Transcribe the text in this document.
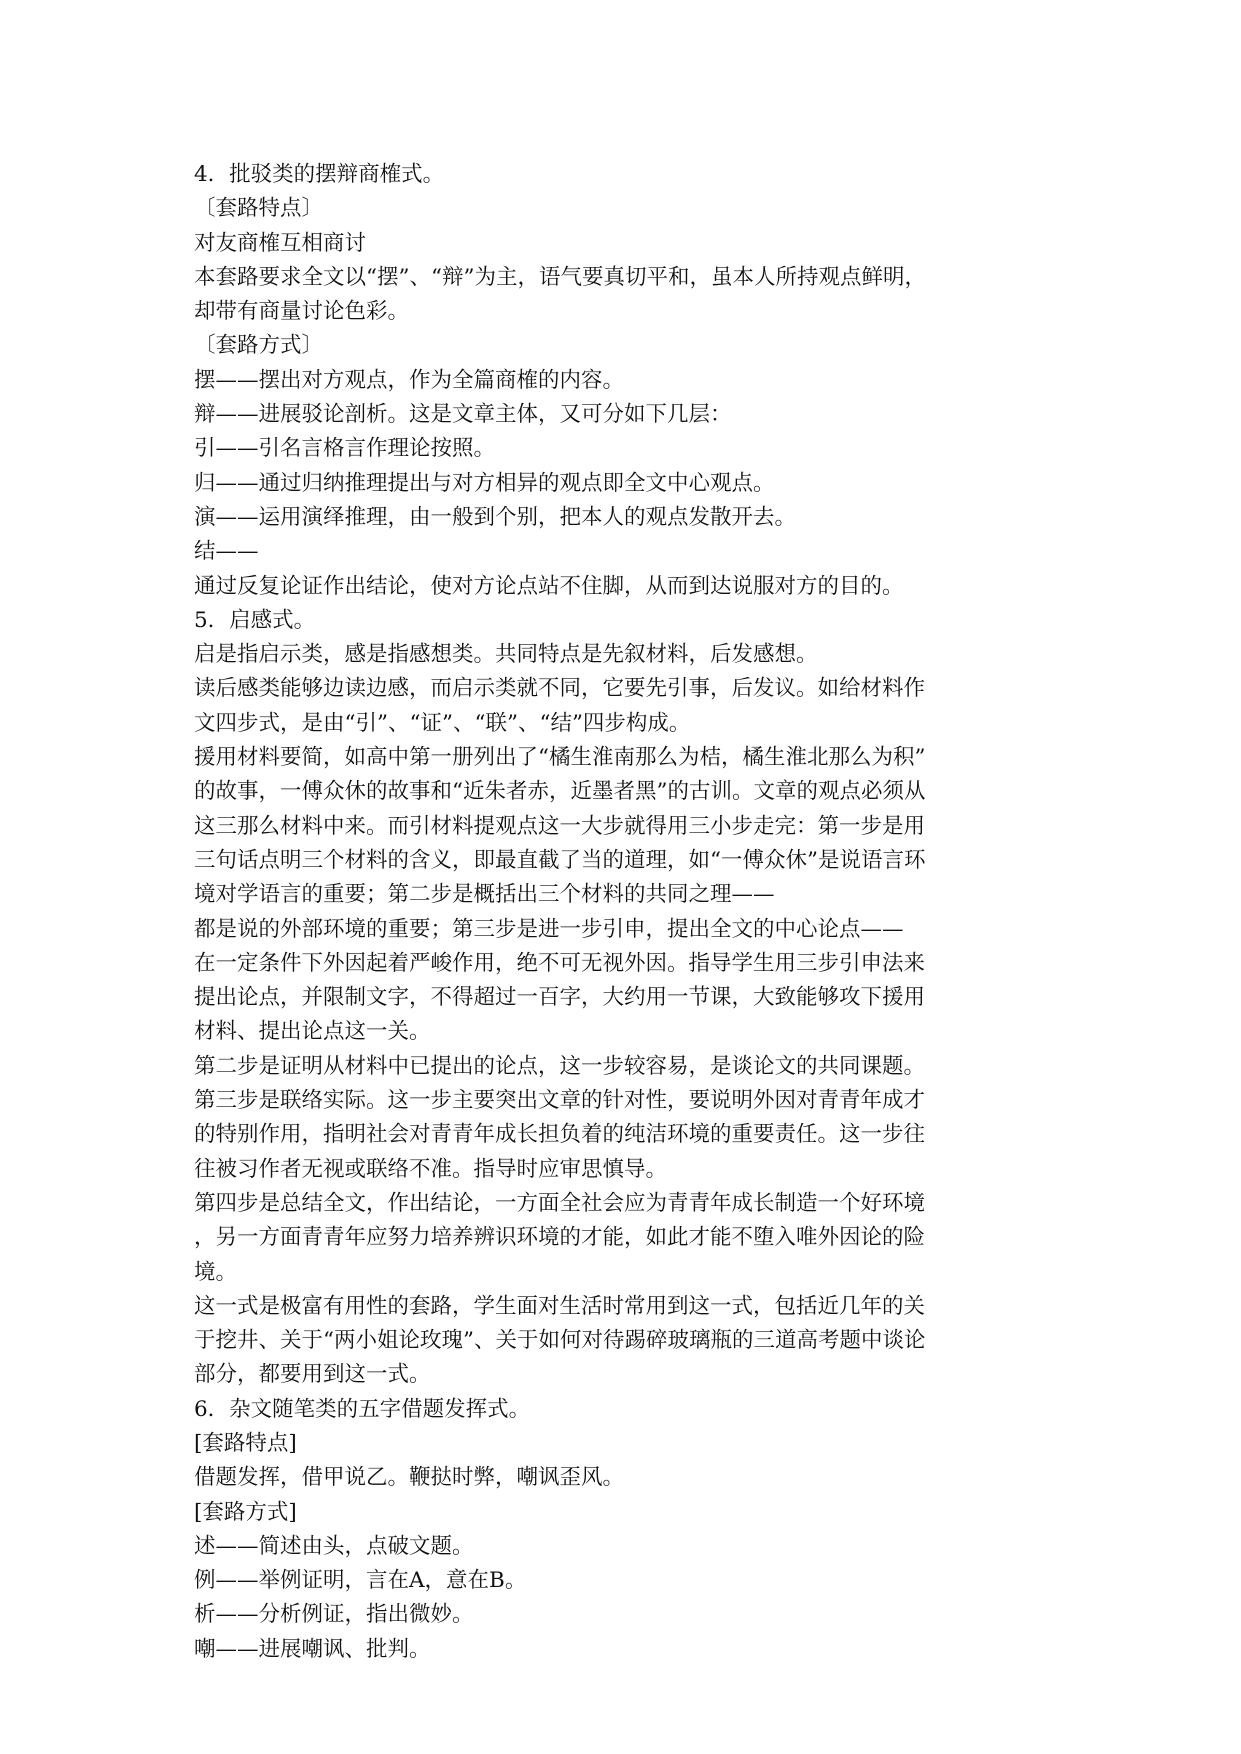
4．批驳类的摆辩商榷式。
〔套路特点〕
对友商榷互相商讨
本套路要求全文以“摆”、“辩”为主，语气要真切平和，虽本人所持观点鲜明，
却带有商量讨论色彩。
〔套路方式〕
摆——摆出对方观点，作为全篇商榷的内容。
辩——进展驳论剖析。这是文章主体，又可分如下几层：
引——引名言格言作理论按照。
归——通过归纳推理提出与对方相异的观点即全文中心观点。
演——运用演绎推理，由一般到个别，把本人的观点发散开去。
结——
通过反复论证作出结论，使对方论点站不住脚，从而到达说服对方的目的。
5．启感式。
启是指启示类，感是指感想类。共同特点是先叙材料，后发感想。
读后感类能够边读边感，而启示类就不同，它要先引事，后发议。如给材料作
文四步式，是由“引”、“证”、“联”、“结”四步构成。
援用材料要简，如高中第一册列出了“橘生淮南那么为桔，橘生淮北那么为积”
的故事，一傅众休的故事和“近朱者赤，近墨者黑”的古训。文章的观点必须从
这三那么材料中来。而引材料提观点这一大步就得用三小步走完：第一步是用
三句话点明三个材料的含义，即最直截了当的道理，如“一傅众休”是说语言环
境对学语言的重要；第二步是概括出三个材料的共同之理——
都是说的外部环境的重要；第三步是进一步引申，提出全文的中心论点——
在一定条件下外因起着严峻作用，绝不可无视外因。指导学生用三步引申法来
提出论点，并限制文字，不得超过一百字，大约用一节课，大致能够攻下援用
材料、提出论点这一关。
第二步是证明从材料中已提出的论点，这一步较容易，是谈论文的共同课题。
第三步是联络实际。这一步主要突出文章的针对性，要说明外因对青青年成才
的特别作用，指明社会对青青年成长担负着的纯洁环境的重要责任。这一步往
往被习作者无视或联络不准。指导时应审思慎导。
第四步是总结全文，作出结论，一方面全社会应为青青年成长制造一个好环境
，另一方面青青年应努力培养辨识环境的才能，如此才能不堕入唯外因论的险
境。
这一式是极富有用性的套路，学生面对生活时常用到这一式，包括近几年的关
于挖井、关于“两小姐论玫瑰”、关于如何对待踢碎玻璃瓶的三道高考题中谈论
部分，都要用到这一式。
6．杂文随笔类的五字借题发挥式。
[套路特点]
借题发挥，借甲说乙。鞭挞时弊，嘲讽歪风。
[套路方式]
述——简述由头，点破文题。
例——举例证明，言在A，意在B。
析——分析例证，指出微妙。
嘲——进展嘲讽、批判。
